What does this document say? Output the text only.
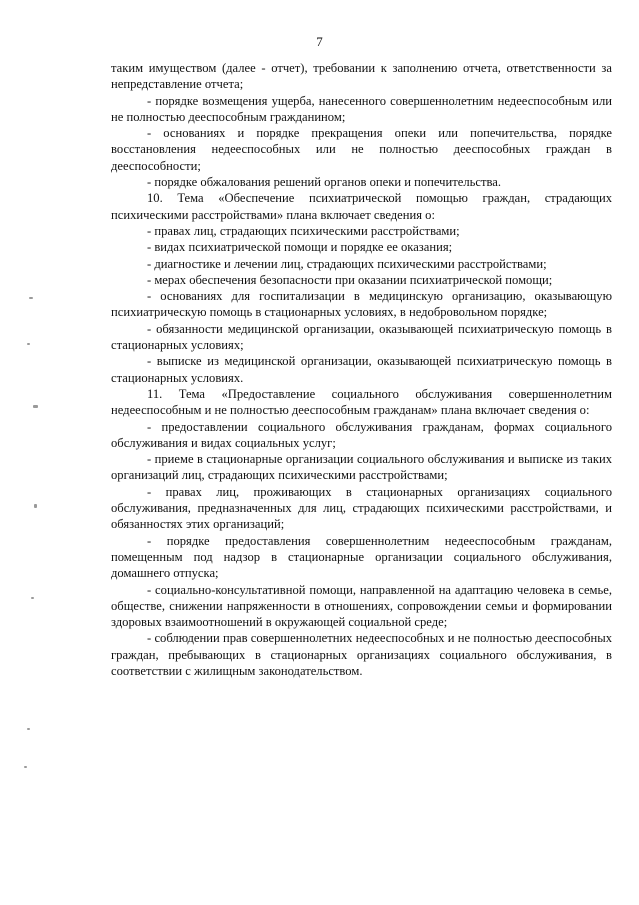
7

таким имуществом (далее - отчет), требовании к заполнению отчета, ответственности за непредставление отчета;

- порядке возмещения ущерба, нанесенного совершеннолетним недееспособным или не полностью дееспособным гражданином;

- основаниях и порядке прекращения опеки или попечительства, порядке восстановления недееспособных или не полностью дееспособных граждан в дееспособности;

- порядке обжалования решений органов опеки и попечительства.

10. Тема «Обеспечение психиатрической помощью граждан, страдающих психическими расстройствами» плана включает сведения о:

- правах лиц, страдающих психическими расстройствами;

- видах психиатрической помощи и порядке ее оказания;

- диагностике и лечении лиц, страдающих психическими расстройствами;

- мерах обеспечения безопасности при оказании психиатрической помощи;

- основаниях для госпитализации в медицинскую организацию, оказывающую психиатрическую помощь в стационарных условиях, в недобровольном порядке;

- обязанности медицинской организации, оказывающей психиатрическую помощь в стационарных условиях;

- выписке из медицинской организации, оказывающей психиатрическую помощь в стационарных условиях.

11. Тема «Предоставление социального обслуживания совершеннолетним недееспособным и не полностью дееспособным гражданам» плана включает сведения о:

- предоставлении социального обслуживания гражданам, формах социального обслуживания и видах социальных услуг;

- приеме в стационарные организации социального обслуживания и выписке из таких организаций лиц, страдающих психическими расстройствами;

- правах лиц, проживающих в стационарных организациях социального обслуживания, предназначенных для лиц, страдающих психическими расстройствами, и обязанностях этих организаций;

- порядке предоставления совершеннолетним недееспособным гражданам, помещенным под надзор в стационарные организации социального обслуживания, домашнего отпуска;

- социально-консультативной помощи, направленной на адаптацию человека в семье, обществе, снижении напряженности в отношениях, сопровождении семьи и формировании здоровых взаимоотношений в окружающей социальной среде;

- соблюдении прав совершеннолетних недееспособных и не полностью дееспособных граждан, пребывающих в стационарных организациях социального обслуживания, в соответствии с жилищным законодательством.
